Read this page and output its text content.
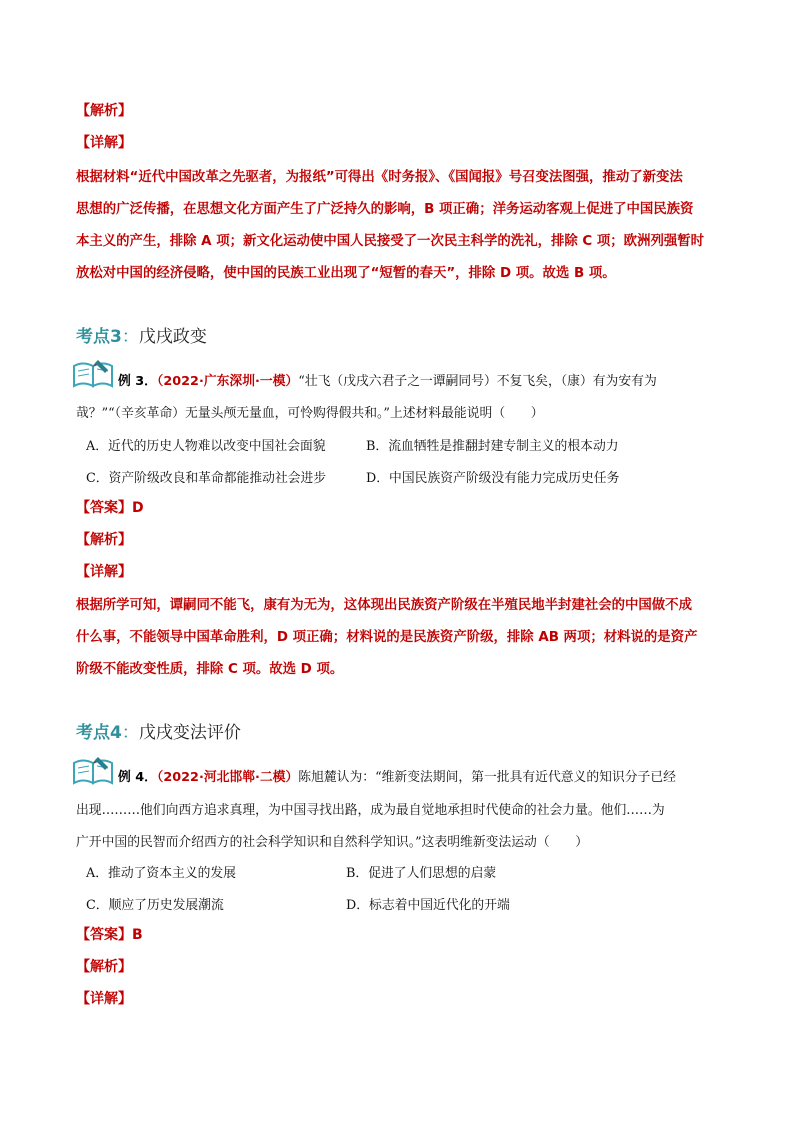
【解析】
【详解】
根据材料“近代中国改革之先驱者，为报纸”可得出《时务报》、《国闻报》号召变法图强，推动了新变法
思想的广泛传播，在思想文化方面产生了广泛持久的影响，B 项正确；洋务运动客观上促进了中国民族资
本主义的产生，排除 A 项；新文化运动使中国人民接受了一次民主科学的洗礼，排除 C 项；欧洲列强暂时
放松对中国的经济侵略，使中国的民族工业出现了“短暂的春天”，排除 D 项。故选 B 项。
考点3：戊戌政变
例 3．（2022·广东深圳·一模）“壮飞（戊戌六君子之一谭嗣同号）不复飞矣，（康）有为安有为
哉？”“（辛亥革命）无量头颅无量血，可怜购得假共和。”上述材料最能说明（　　）
A．近代的历史人物难以改变中国社会面貌	B．流血牺牲是推翻封建专制主义的根本动力
C．资产阶级改良和革命都能推动社会进步	D．中国民族资产阶级没有能力完成历史任务
【答案】D
【解析】
【详解】
根据所学可知，谭嗣同不能飞，康有为无为，这体现出民族资产阶级在半殖民地半封建社会的中国做不成
什么事，不能领导中国革命胜利，D 项正确；材料说的是民族资产阶级，排除 AB 两项；材料说的是资产
阶级不能改变性质，排除 C 项。故选 D 项。
考点4：戊戌变法评价
例 4．（2022·河北邯郸·二模）陈旭麓认为：“维新变法期间，第一批具有近代意义的知识分子已经
出现………他们向西方追求真理，为中国寻找出路，成为最自觉地承担时代使命的社会力量。他们……为
广开中国的民智而介绍西方的社会科学知识和自然科学知识。”这表明维新变法运动（　　）
A．推动了资本主义的发展	B．促进了人们思想的启蒙
C．顺应了历史发展潮流	D．标志着中国近代化的开端
【答案】B
【解析】
【详解】
